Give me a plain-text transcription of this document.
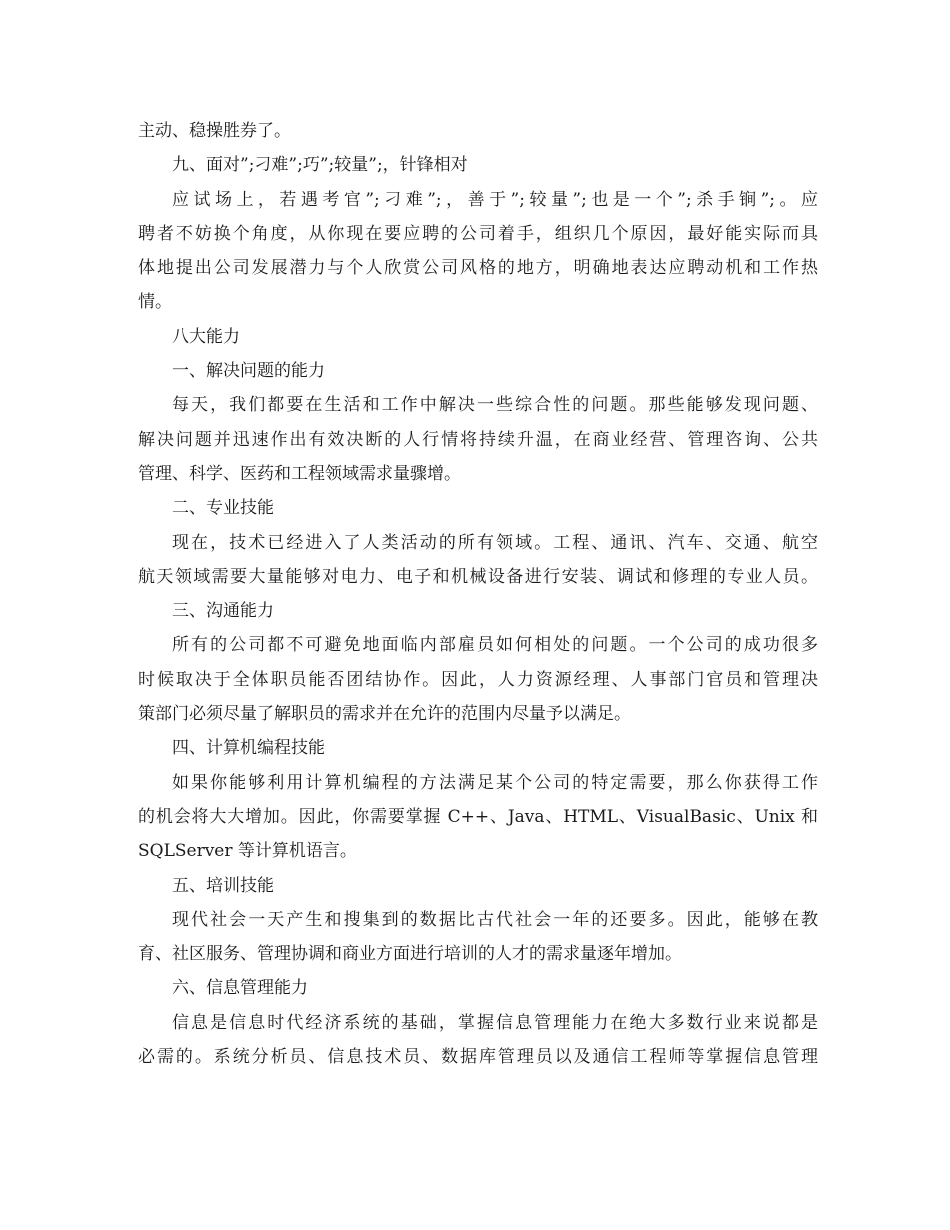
主动、稳操胜券了。
九、面对”;刁难”;巧”;较量”;，针锋相对
应试场上，若遇考官”;刁难”;，善于”;较量”;也是一个”;杀手锏”;。应
聘者不妨换个角度，从你现在要应聘的公司着手，组织几个原因，最好能实际而具
体地提出公司发展潜力与个人欣赏公司风格的地方，明确地表达应聘动机和工作热
情。
八大能力
一、解决问题的能力
每天，我们都要在生活和工作中解决一些综合性的问题。那些能够发现问题、
解决问题并迅速作出有效决断的人行情将持续升温，在商业经营、管理咨询、公共
管理、科学、医药和工程领域需求量骤增。
二、专业技能
现在，技术已经进入了人类活动的所有领域。工程、通讯、汽车、交通、航空
航天领域需要大量能够对电力、电子和机械设备进行安装、调试和修理的专业人员。
三、沟通能力
所有的公司都不可避免地面临内部雇员如何相处的问题。一个公司的成功很多
时候取决于全体职员能否团结协作。因此，人力资源经理、人事部门官员和管理决
策部门必须尽量了解职员的需求并在允许的范围内尽量予以满足。
四、计算机编程技能
如果你能够利用计算机编程的方法满足某个公司的特定需要，那么你获得工作
的机会将大大增加。因此，你需要掌握 C++、Java、HTML、VisualBasic、Unix 和
SQLServer 等计算机语言。
五、培训技能
现代社会一天产生和搜集到的数据比古代社会一年的还要多。因此，能够在教
育、社区服务、管理协调和商业方面进行培训的人才的需求量逐年增加。
六、信息管理能力
信息是信息时代经济系统的基础，掌握信息管理能力在绝大多数行业来说都是
必需的。系统分析员、信息技术员、数据库管理员以及通信工程师等掌握信息管理
